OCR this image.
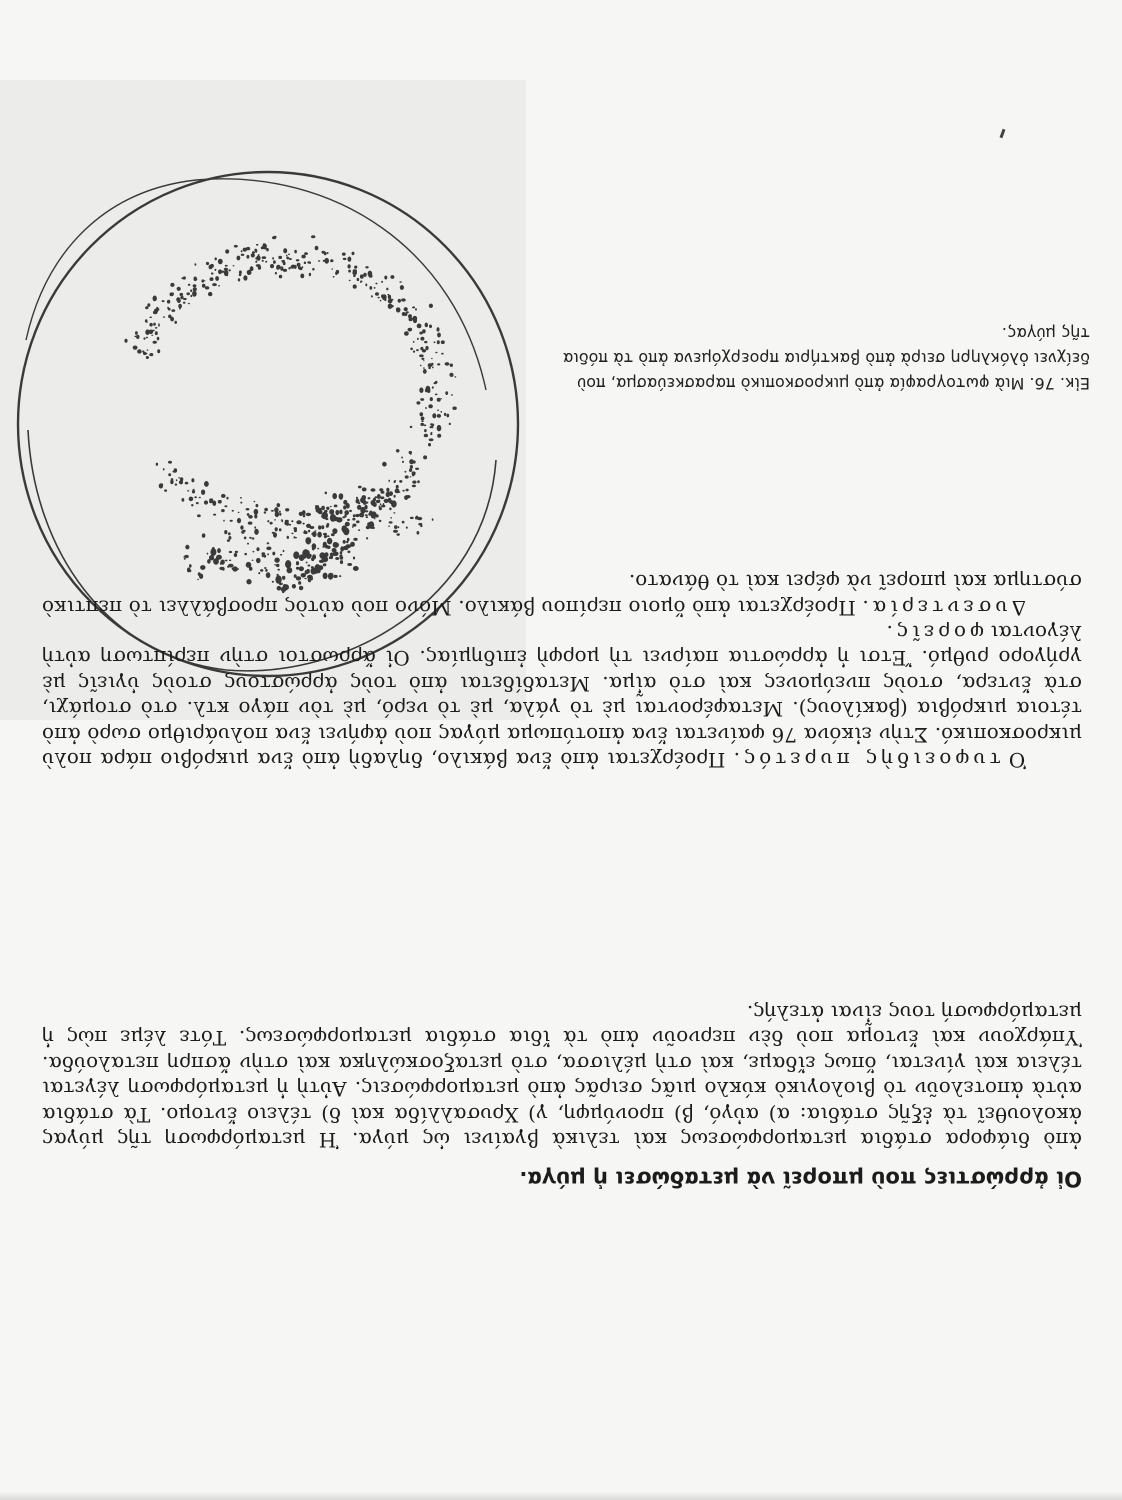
Εἰκ. 76. Μιὰ φωτογραφία ἀπὸ μικροσκοπικὸ παρασκεύασμα, ποὺ δείχνει ὁλόκληρη σειρὰ ἀπὸ βακτήρια προερχόμενα ἀπὸ τὰ πόδια τῆς μύγας.

Ὁ τυφοειδὴς πυρετός. Προέρχεται ἀπὸ ἕνα βάκιλο, δηλαδὴ ἀπὸ ἕνα μικρόβιο πάρα πολὺ μικροσκοπικό. Στὴν εἰκόνα 76 φαίνεται ἕνα ἀποτύπωμα μύγας ποὺ ἀφήνει ἕνα πολυάριθμο σωρὸ ἀπὸ τέτοια μικρόβια (βακίλους). Μεταφέρονται μὲ τὸ γάλα, μὲ τὸ νερό, μὲ τὸν πάγο κτλ. στὸ στομάχι, στὰ ἔντερα, στοὺς πνεύμονες καὶ στὸ αἷμα. Μεταδίδεται ἀπὸ τοὺς ἀρρώστους στοὺς ὑγιεῖς μὲ γρήγορο ρυθμό. Ἔτσι ἡ ἀρρώστια παίρνει τὴ μορφὴ ἐπιδημίας. Οἱ ἄρρωστοι στὴν περίπτωση αὐτὴ λέγονται φορεῖς.

Δυσεντερία. Προέρχεται ἀπὸ ὅμοιο περίπου βάκιλο. Μόνο ποὺ αὐτὸς προσβάλλει τὸ πεπτικὸ σύστημα καὶ μπορεῖ νὰ φέρει καὶ τὸ θάνατο.

Οἱ ἀρρώστιες ποὺ μπορεῖ νὰ μεταδώσει ἡ μύγα.

ἀπὸ διάφορα στάδια μεταμορφώσεως καὶ τελικὰ βγαίνει ὡς μύγα. Ἡ μεταμόρφωση τῆς μύγας ἀκολουθεῖ τὰ ἑξῆς στάδια: α) αὐγό, β) προνύμφη, γ) Χρυσαλλίδα καὶ δ) τέλειο ἔντομο. Τὰ στάδια αὐτὰ ἀποτελοῦν τὸ βιολογικὸ κύκλο μιᾶς σειρᾶς ἀπὸ μεταμορφώσεις. Αὐτὴ ἡ μεταμόρφωση λέγεται τέλεια καὶ γίνεται, ὅπως εἴδαμε, καὶ στὴ μέλισσα, στὸ μεταξοσκώληκα καὶ στὴν ἄσπρη πεταλούδα. Ὑπάρχουν καὶ ἔντομα ποὺ δὲν περνοῦν ἀπὸ τὰ ἴδια στάδια μεταμορφώσεως. Τότε λέμε πὼς ἡ μεταμόρφωσή τους εἶναι ἀτελής.
